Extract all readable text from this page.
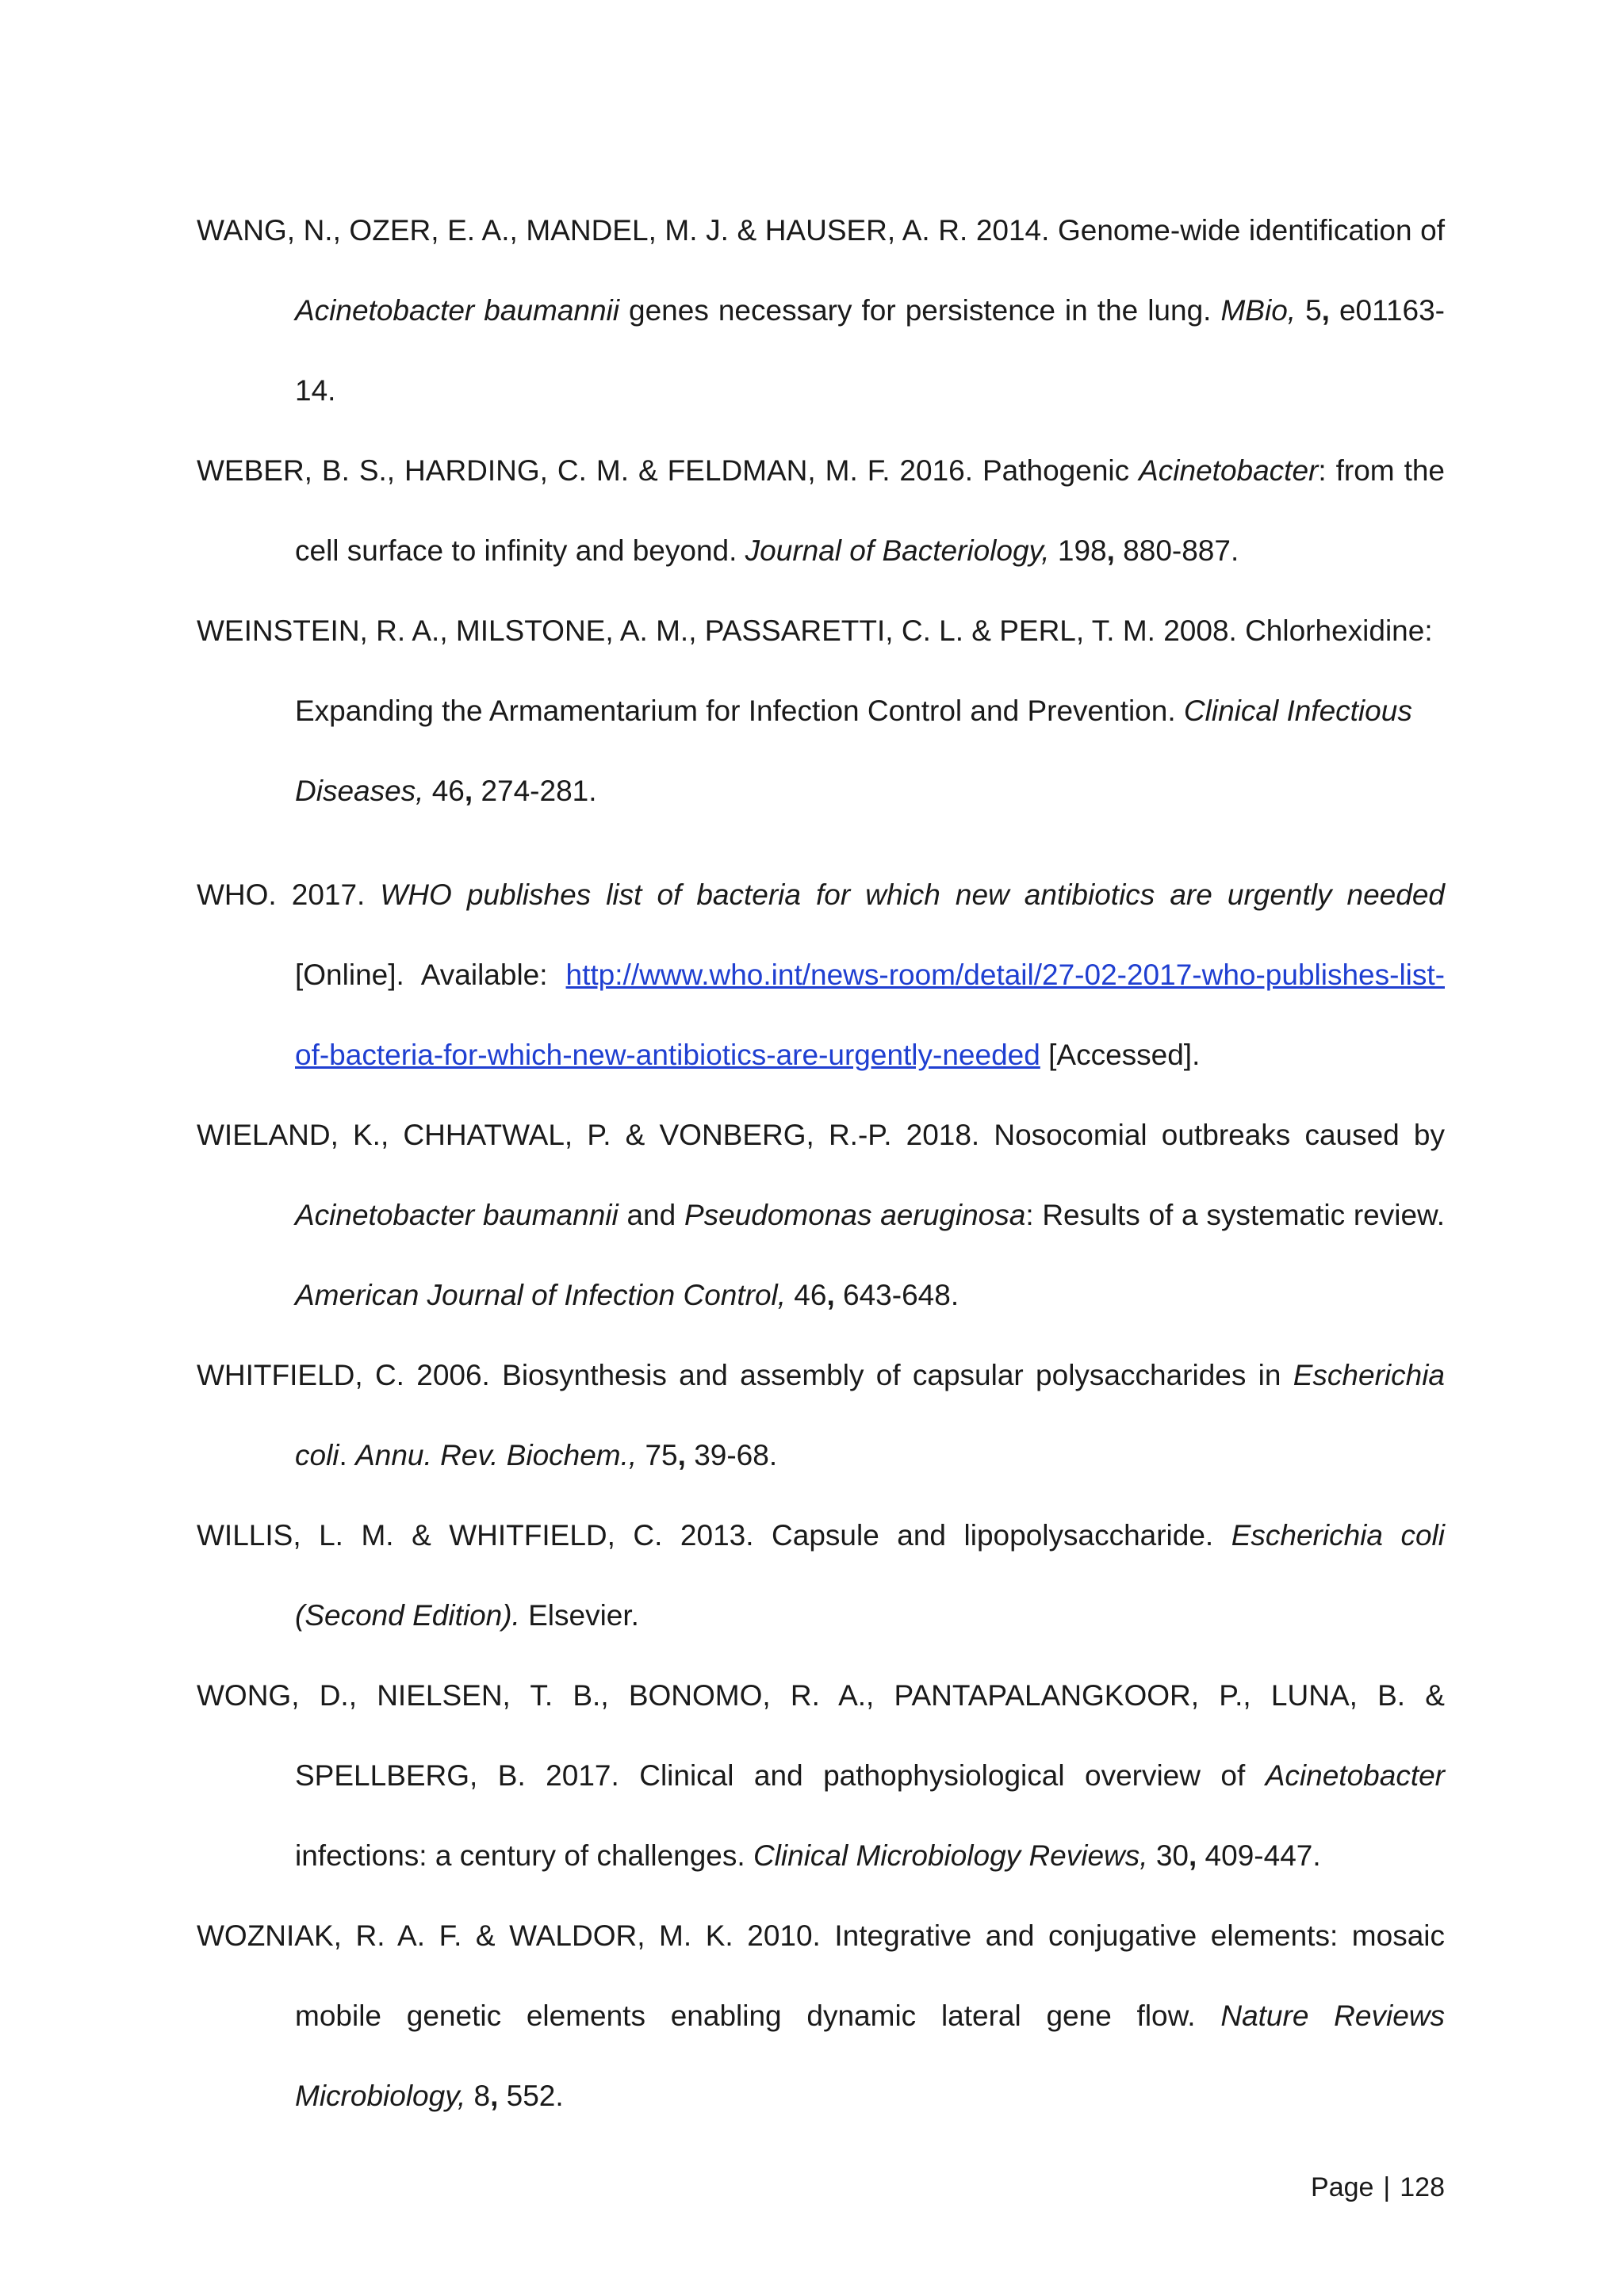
WANG, N., OZER, E. A., MANDEL, M. J. & HAUSER, A. R. 2014. Genome-wide identification of Acinetobacter baumannii genes necessary for persistence in the lung. MBio, 5, e01163-14.

WEBER, B. S., HARDING, C. M. & FELDMAN, M. F. 2016. Pathogenic Acinetobacter: from the cell surface to infinity and beyond. Journal of Bacteriology, 198, 880-887.

WEINSTEIN, R. A., MILSTONE, A. M., PASSARETTI, C. L. & PERL, T. M. 2008. Chlorhexidine: Expanding the Armamentarium for Infection Control and Prevention. Clinical Infectious Diseases, 46, 274-281.

WHO. 2017. WHO publishes list of bacteria for which new antibiotics are urgently needed [Online]. Available: http://www.who.int/news-room/detail/27-02-2017-who-publishes-list-of-bacteria-for-which-new-antibiotics-are-urgently-needed [Accessed].

WIELAND, K., CHHATWAL, P. & VONBERG, R.-P. 2018. Nosocomial outbreaks caused by Acinetobacter baumannii and Pseudomonas aeruginosa: Results of a systematic review. American Journal of Infection Control, 46, 643-648.

WHITFIELD, C. 2006. Biosynthesis and assembly of capsular polysaccharides in Escherichia coli. Annu. Rev. Biochem., 75, 39-68.

WILLIS, L. M. & WHITFIELD, C. 2013. Capsule and lipopolysaccharide. Escherichia coli (Second Edition). Elsevier.

WONG, D., NIELSEN, T. B., BONOMO, R. A., PANTAPALANGKOOR, P., LUNA, B. & SPELLBERG, B. 2017. Clinical and pathophysiological overview of Acinetobacter infections: a century of challenges. Clinical Microbiology Reviews, 30, 409-447.

WOZNIAK, R. A. F. & WALDOR, M. K. 2010. Integrative and conjugative elements: mosaic mobile genetic elements enabling dynamic lateral gene flow. Nature Reviews Microbiology, 8, 552.

Page | 128
